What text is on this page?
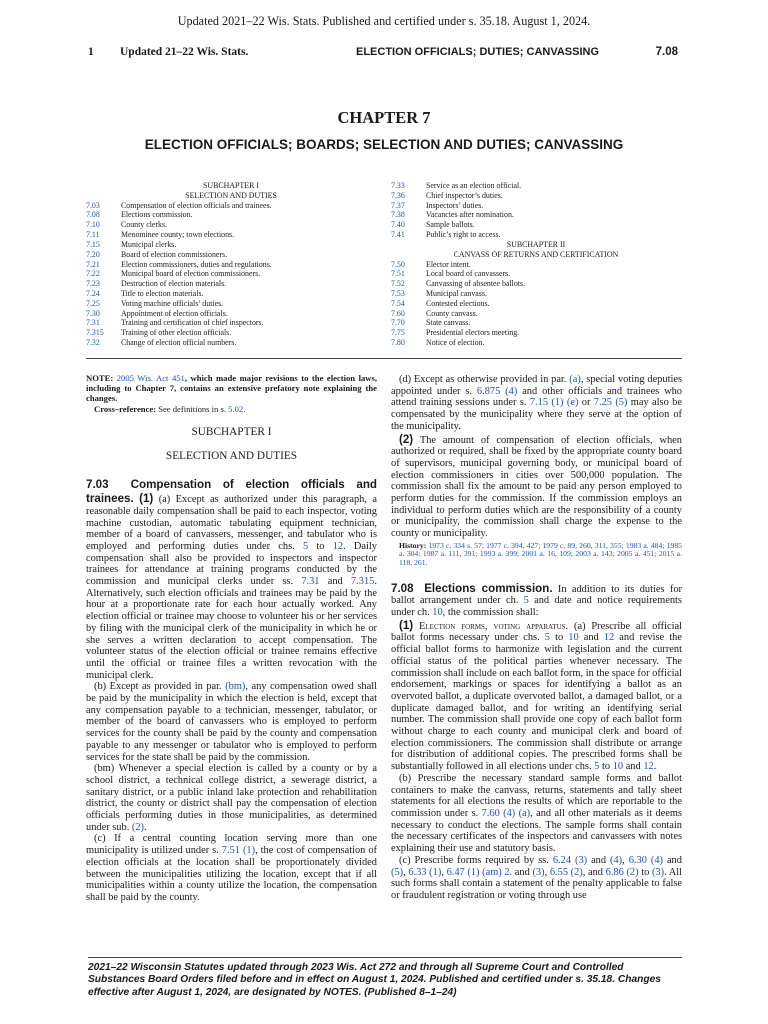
Updated 2021–22 Wis. Stats. Published and certified under s. 35.18. August 1, 2024.
1 Updated 21–22 Wis. Stats.	ELECTION OFFICIALS; DUTIES; CANVASSING	7.08
CHAPTER 7
ELECTION OFFICIALS; BOARDS; SELECTION AND DUTIES; CANVASSING
SUBCHAPTER I
SELECTION AND DUTIES
7.03	Compensation of election officials and trainees.
7.08	Elections commission.
7.10	County clerks.
7.11	Menominee county; town elections.
7.15	Municipal clerks.
7.20	Board of election commissioners.
7.21	Election commissioners, duties and regulations.
7.22	Municipal board of election commissioners.
7.23	Destruction of election materials.
7.24	Title to election materials.
7.25	Voting machine officials’ duties.
7.30	Appointment of election officials.
7.31	Training and certification of chief inspectors.
7.315 Training of other election officials.
7.32	Change of election official numbers.
7.33	Service as an election official.
7.36	Chief inspector’s duties.
7.37	Inspectors’ duties.
7.38	Vacancies after nomination.
7.40	Sample ballots.
7.41	Public’s right to access.
SUBCHAPTER II
CANVASS OF RETURNS AND CERTIFICATION
7.50	Elector intent.
7.51	Local board of canvassers.
7.52	Canvassing of absentee ballots.
7.53	Municipal canvass.
7.54	Contested elections.
7.60	County canvass.
7.70	State canvass.
7.75	Presidential electors meeting.
7.80	Notice of election.
NOTE: 2005 Wis. Act 451, which made major revisions to the election laws, including to Chapter 7, contains an extensive prefatory note explaining the changes.
Cross–reference: See definitions in s. 5.02.
SUBCHAPTER I
SELECTION AND DUTIES
7.03 Compensation of election officials and trainees. (1) (a) Except as authorized under this paragraph, a reasonable daily compensation shall be paid to each inspector, voting machine custodian, automatic tabulating equipment technician, member of a board of canvassers, messenger, and tabulator who is employed and performing duties under chs. 5 to 12. Daily compensation shall also be provided to inspectors and inspector trainees for attendance at training programs conducted by the commission and municipal clerks under ss. 7.31 and 7.315. Alternatively, such election officials and trainees may be paid by the hour at a proportionate rate for each hour actually worked. Any election official or trainee may choose to volunteer his or her services by filing with the municipal clerk of the municipality in which he or she serves a written declaration to accept compensation. The volunteer status of the election official or trainee remains effective until the official or trainee files a written revocation with the municipal clerk.
(b) Except as provided in par. (bm), any compensation owed shall be paid by the municipality in which the election is held, except that any compensation payable to a technician, messenger, tabulator, or member of the board of canvassers who is employed to perform services for the county shall be paid by the county and compensation payable to any messenger or tabulator who is employed to perform services for the state shall be paid by the commission.
(bm) Whenever a special election is called by a county or by a school district, a technical college district, a sewerage district, a sanitary district, or a public inland lake protection and rehabilitation district, the county or district shall pay the compensation of election officials performing duties in those municipalities, as determined under sub. (2).
(c) If a central counting location serving more than one municipality is utilized under s. 7.51 (1), the cost of compensation of election officials at the location shall be proportionately divided between the municipalities utilizing the location, except that if all municipalities within a county utilize the location, the compensation shall be paid by the county.
(d) Except as otherwise provided in par. (a), special voting deputies appointed under s. 6.875 (4) and other officials and trainees who attend training sessions under s. 7.15 (1) (e) or 7.25 (5) may also be compensated by the municipality where they serve at the option of the municipality.
(2) The amount of compensation of election officials, when authorized or required, shall be fixed by the appropriate county board of supervisors, municipal governing body, or municipal board of election commissioners in cities over 500,000 population. The commission shall fix the amount to be paid any person employed to perform duties for the commission. If the commission employs an individual to perform duties which are the responsibility of a county or municipality, the commission shall charge the expense to the county or municipality.
History: 1973 c. 334 s. 57; 1977 c. 394, 427; 1979 c. 89, 260, 311, 355; 1983 a. 484; 1985 a. 304; 1987 a. 111, 391; 1993 a. 399; 2001 a. 16, 109; 2003 a. 143; 2005 a. 451; 2015 a. 118, 261.
7.08 Elections commission. In addition to its duties for ballot arrangement under ch. 5 and date and notice requirements under ch. 10, the commission shall:
(1) Election forms, voting apparatus. (a) Prescribe all official ballot forms necessary under chs. 5 to 10 and 12 and revise the official ballot forms to harmonize with legislation and the current official status of the political parties whenever necessary. The commission shall include on each ballot form, in the space for official endorsement, markings or spaces for identifying a ballot as an overvoted ballot, a duplicate overvoted ballot, a damaged ballot, or a duplicate damaged ballot, and for writing an identifying serial number. The commission shall provide one copy of each ballot form without charge to each county and municipal clerk and board of election commissioners. The commission shall distribute or arrange for distribution of additional copies. The prescribed forms shall be substantially followed in all elections under chs. 5 to 10 and 12.
(b) Prescribe the necessary standard sample forms and ballot containers to make the canvass, returns, statements and tally sheet statements for all elections the results of which are reportable to the commission under s. 7.60 (4) (a), and all other materials as it deems necessary to conduct the elections. The sample forms shall contain the necessary certificates of the inspectors and canvassers with notes explaining their use and statutory basis.
(c) Prescribe forms required by ss. 6.24 (3) and (4), 6.30 (4) and (5), 6.33 (1), 6.47 (1) (am) 2. and (3), 6.55 (2), and 6.86 (2) to (3). All such forms shall contain a statement of the penalty applicable to false or fraudulent registration or voting through use
2021–22 Wisconsin Statutes updated through 2023 Wis. Act 272 and through all Supreme Court and Controlled Substances Board Orders filed before and in effect on August 1, 2024. Published and certified under s. 35.18. Changes effective after August 1, 2024, are designated by NOTES. (Published 8–1–24)
